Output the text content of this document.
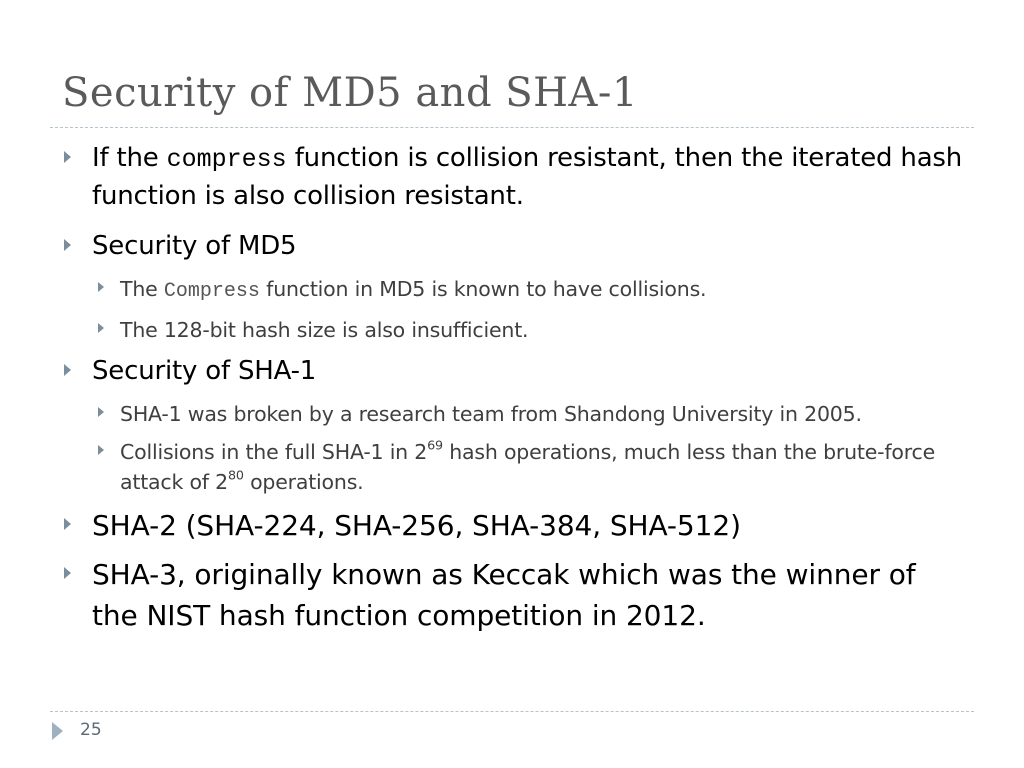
Security of MD5 and SHA-1
If the compress function is collision resistant, then the iterated hash function is also collision resistant.
Security of MD5
The Compress function in MD5 is known to have collisions.
The 128-bit hash size is also insufficient.
Security of SHA-1
SHA-1 was broken by a research team from Shandong University in 2005.
Collisions in the full SHA-1 in $2^{69}$ hash operations, much less than the brute-force attack of $2^{80}$ operations.
SHA-2 (SHA-224, SHA-256, SHA-384, SHA-512)
SHA-3, originally known as Keccak which was the winner of the NIST hash function competition in 2012.
25
